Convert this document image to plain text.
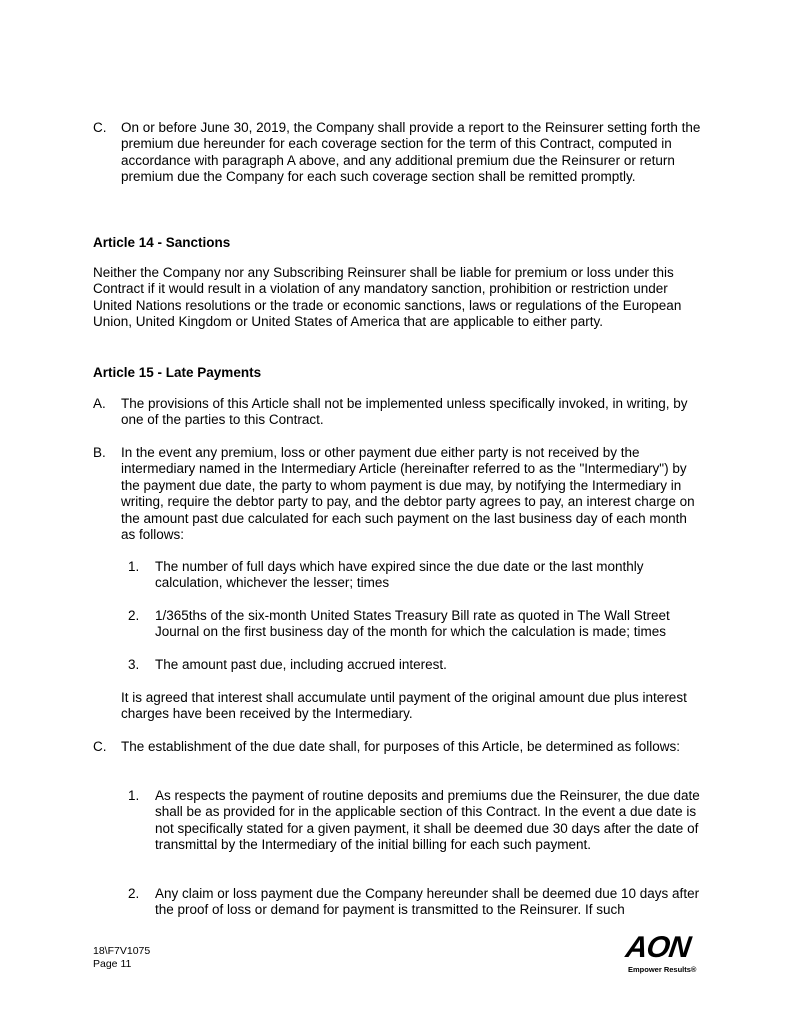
C. On or before June 30, 2019, the Company shall provide a report to the Reinsurer setting forth the premium due hereunder for each coverage section for the term of this Contract, computed in accordance with paragraph A above, and any additional premium due the Reinsurer or return premium due the Company for each such coverage section shall be remitted promptly.
Article 14 - Sanctions
Neither the Company nor any Subscribing Reinsurer shall be liable for premium or loss under this Contract if it would result in a violation of any mandatory sanction, prohibition or restriction under United Nations resolutions or the trade or economic sanctions, laws or regulations of the European Union, United Kingdom or United States of America that are applicable to either party.
Article 15 - Late Payments
A. The provisions of this Article shall not be implemented unless specifically invoked, in writing, by one of the parties to this Contract.
B. In the event any premium, loss or other payment due either party is not received by the intermediary named in the Intermediary Article (hereinafter referred to as the "Intermediary") by the payment due date, the party to whom payment is due may, by notifying the Intermediary in writing, require the debtor party to pay, and the debtor party agrees to pay, an interest charge on the amount past due calculated for each such payment on the last business day of each month as follows:
1. The number of full days which have expired since the due date or the last monthly calculation, whichever the lesser; times
2. 1/365ths of the six-month United States Treasury Bill rate as quoted in The Wall Street Journal on the first business day of the month for which the calculation is made; times
3. The amount past due, including accrued interest.
It is agreed that interest shall accumulate until payment of the original amount due plus interest charges have been received by the Intermediary.
C. The establishment of the due date shall, for purposes of this Article, be determined as follows:
1. As respects the payment of routine deposits and premiums due the Reinsurer, the due date shall be as provided for in the applicable section of this Contract. In the event a due date is not specifically stated for a given payment, it shall be deemed due 30 days after the date of transmittal by the Intermediary of the initial billing for each such payment.
2. Any claim or loss payment due the Company hereunder shall be deemed due 10 days after the proof of loss or demand for payment is transmitted to the Reinsurer. If such
18\F7V1075
Page 11	AON
Empower Results®
